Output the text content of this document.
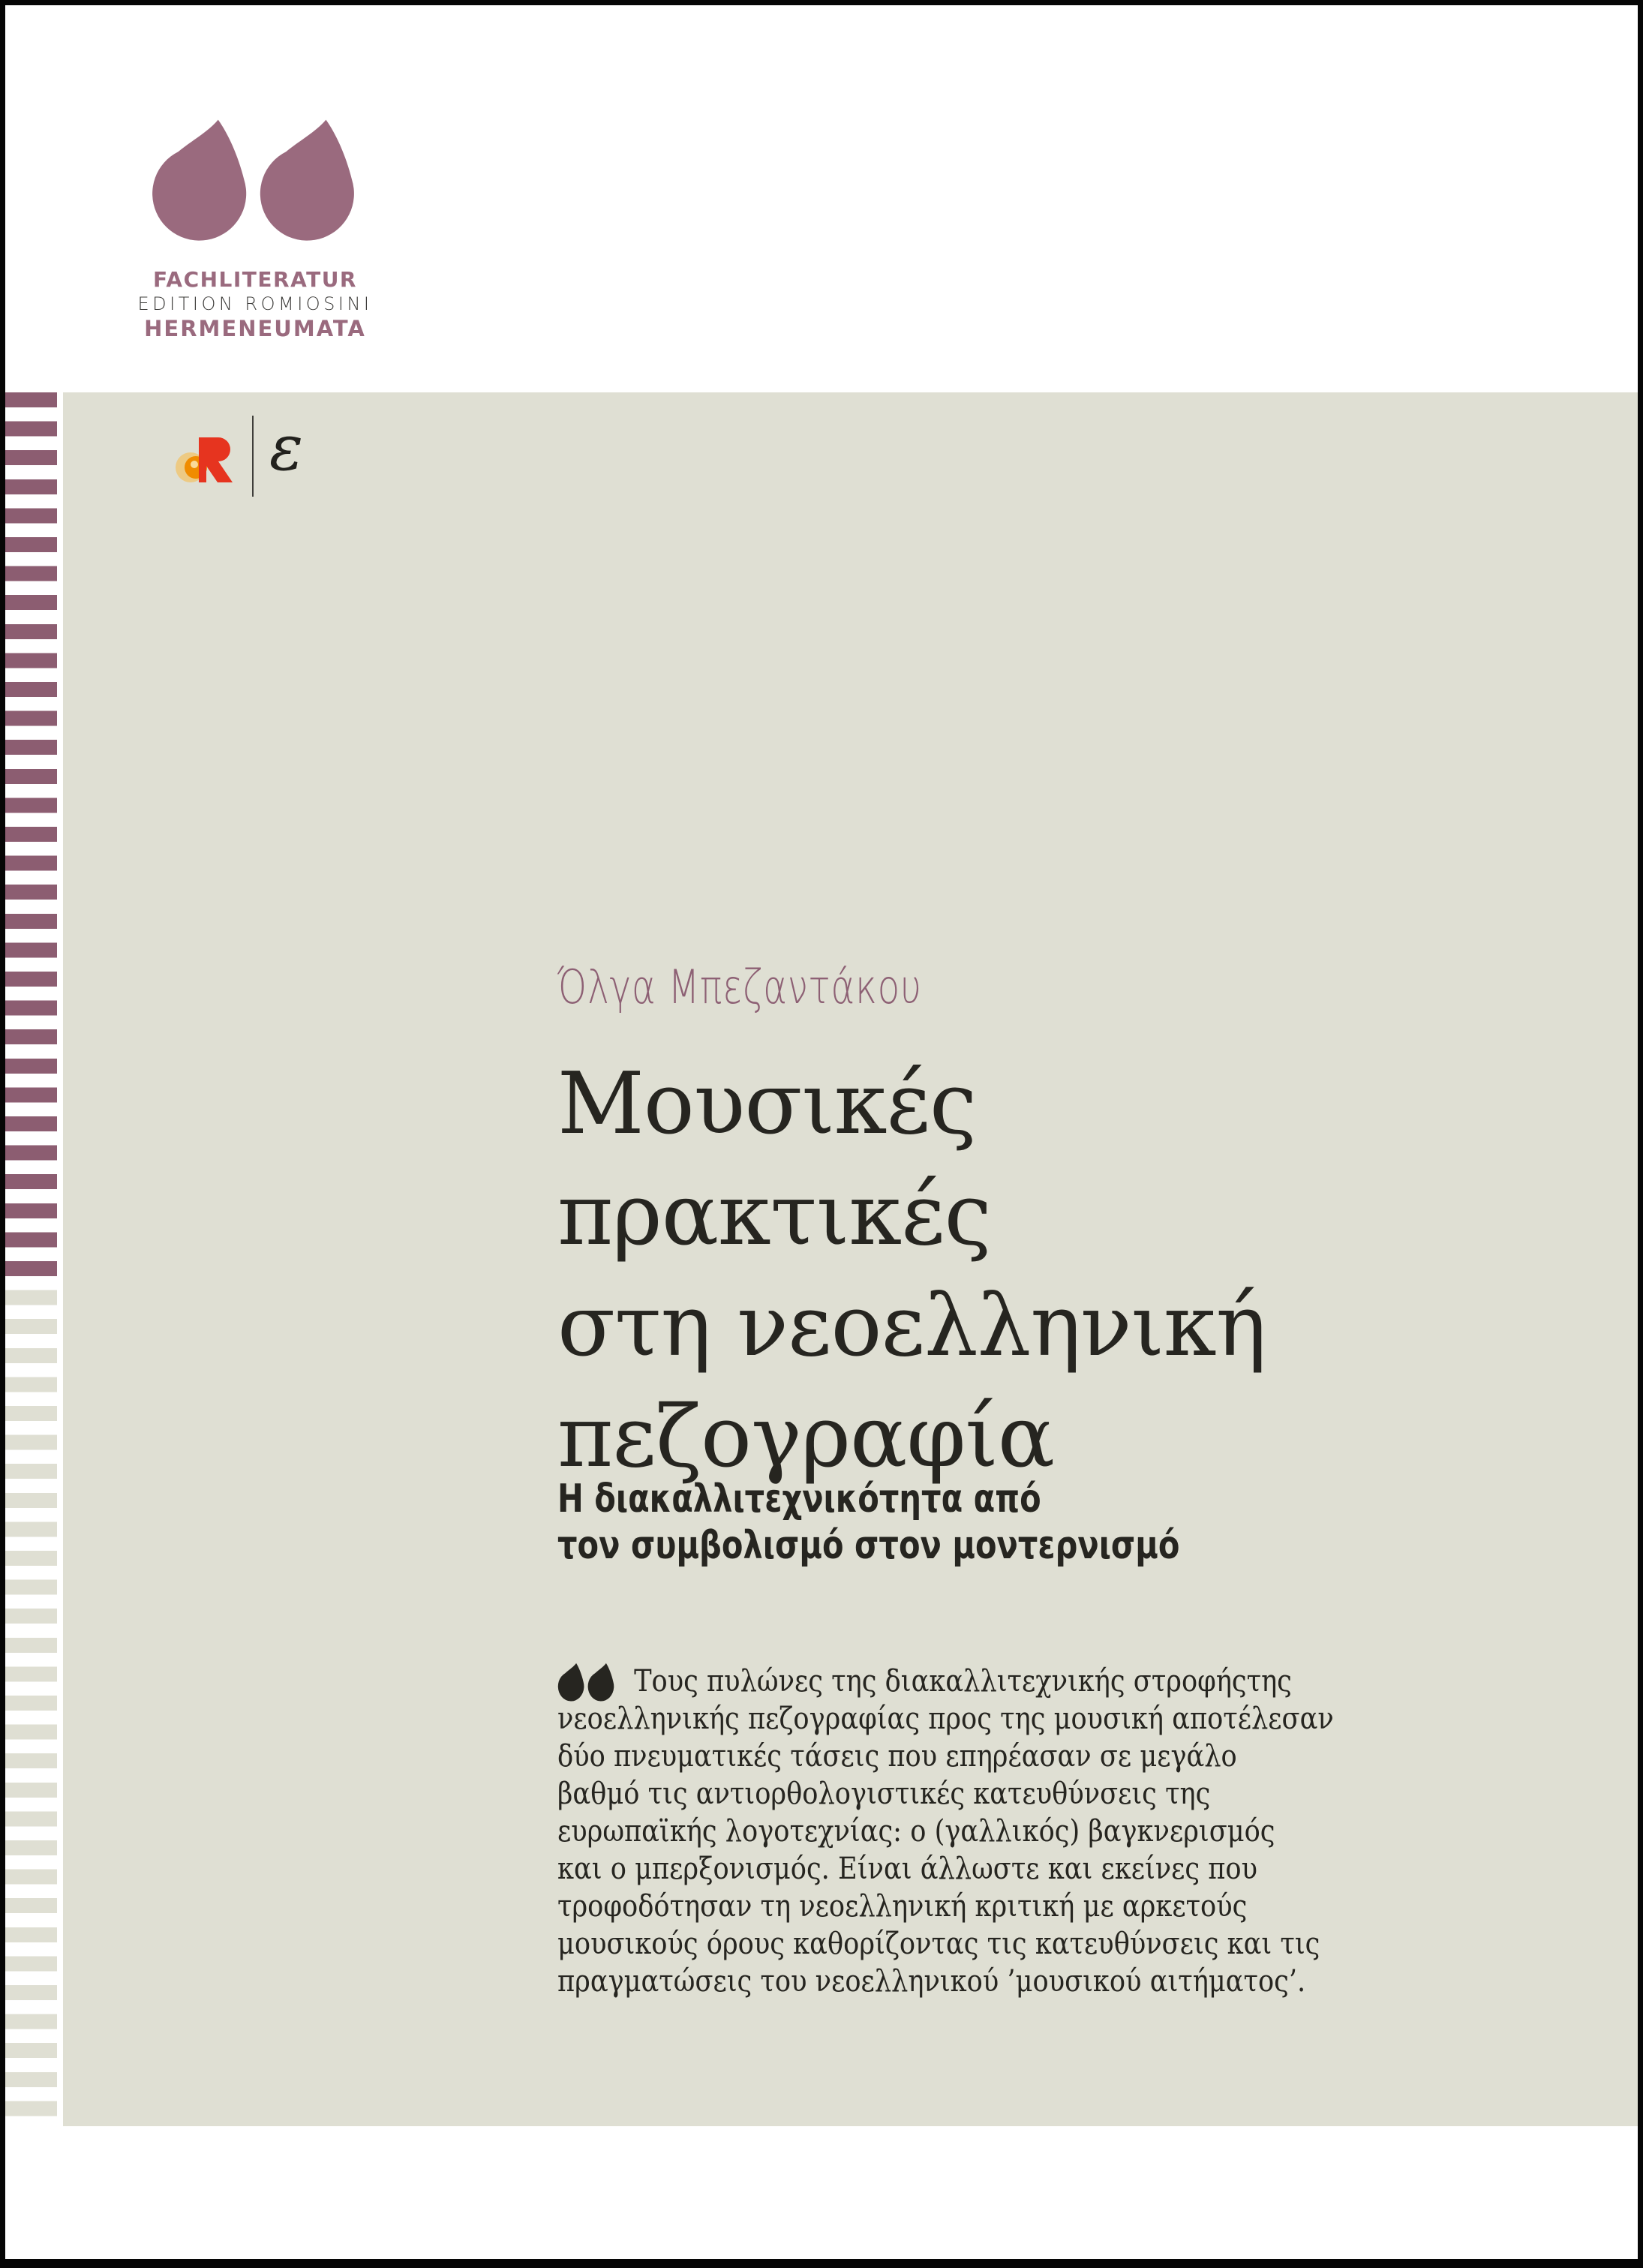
FACHLITERATUR
EDITION ROMIOSINI
HERMENEUMATA
ε
Όλγα Μπεζαντάκου
Μουσικές
πρακτικές
στη νεοελληνική
πεζογραφία
Η διακαλλιτεχνικότητα από
τον συμβολισμό στον μοντερνισμό
Τους πυλώνες της διακαλλιτεχνικής στροφήςτης
νεοελληνικής πεζογραφίας προς της μουσική αποτέλεσαν
δύο πνευματικές τάσεις που επηρέασαν σε μεγάλο
βαθμό τις αντιορθολογιστικές κατευθύνσεις της
ευρωπαϊκής λογοτεχνίας: ο (γαλλικός) βαγκνερισμός
και ο μπερξονισμός. Είναι άλλωστε και εκείνες που
τροφοδότησαν τη νεοελληνική κριτική με αρκετούς
μουσικούς όρους καθορίζοντας τις κατευθύνσεις και τις
πραγματώσεις του νεοελληνικού ’μουσικού αιτήματος’.
